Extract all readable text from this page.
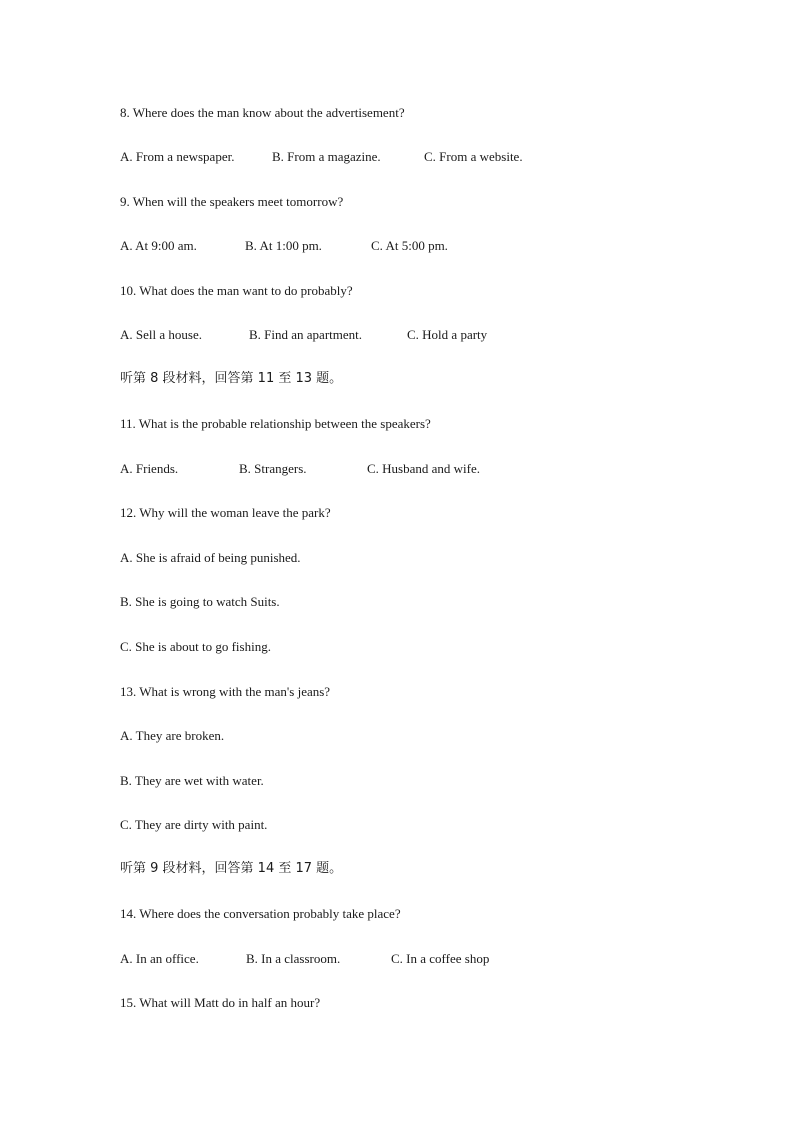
8. Where does the man know about the advertisement?
A. From a newspaper.	B. From a magazine.	C. From a website.
9. When will the speakers meet tomorrow?
A. At 9:00 am.	B. At 1:00 pm.	C. At 5:00 pm.
10. What does the man want to do probably?
A. Sell a house.	B. Find an apartment.	C. Hold a party
听第 8 段材料，回答第 11 至 13 题。
11. What is the probable relationship between the speakers?
A. Friends.	B. Strangers.	C. Husband and wife.
12. Why will the woman leave the park?
A. She is afraid of being punished.
B. She is going to watch Suits.
C. She is about to go fishing.
13. What is wrong with the man's jeans?
A. They are broken.
B. They are wet with water.
C. They are dirty with paint.
听第 9 段材料，回答第 14 至 17 题。
14. Where does the conversation probably take place?
A. In an office.	B. In a classroom.	C. In a coffee shop
15. What will Matt do in half an hour?
